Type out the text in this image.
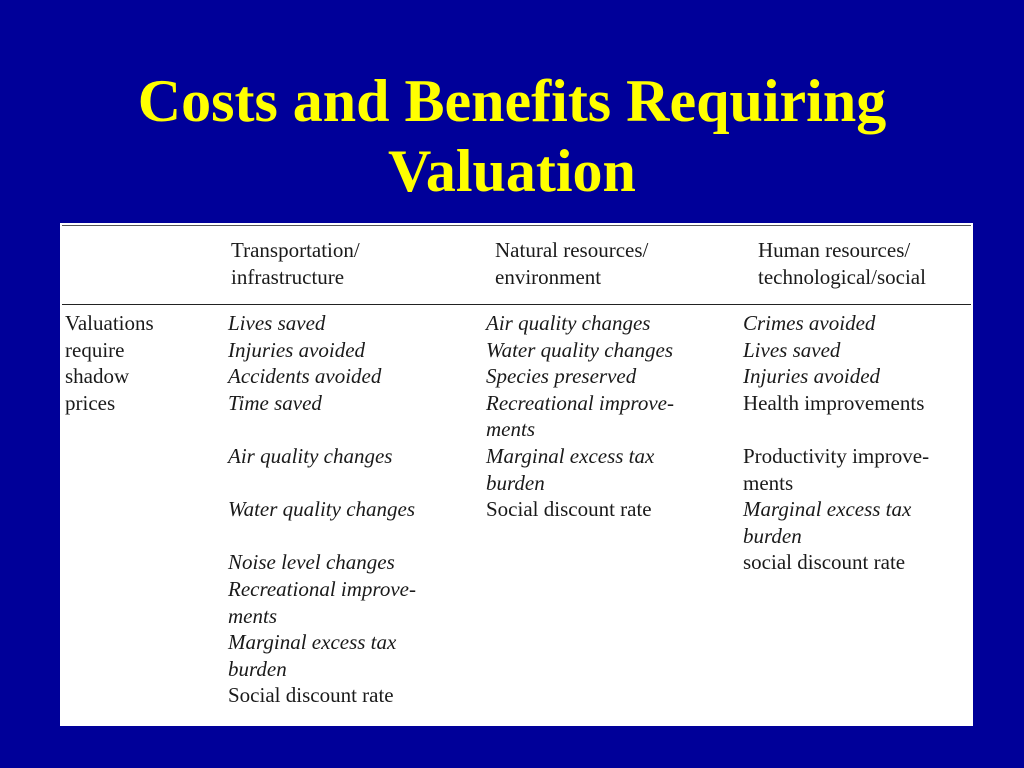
Costs and Benefits Requiring
Valuation
Transportation/
infrastructure
Natural resources/
environment
Human resources/
technological/social
Valuations
require
shadow
prices
Lives saved
Injuries avoided
Accidents avoided
Time saved
Air quality changes
Water quality changes
Noise level changes
Recreational improve-
ments
Marginal excess tax
burden
Social discount rate
Air quality changes
Water quality changes
Species preserved
Recreational improve-
ments
Marginal excess tax
burden
Social discount rate
Crimes avoided
Lives saved
Injuries avoided
Health improvements
Productivity improve-
ments
Marginal excess tax
burden
social discount rate
